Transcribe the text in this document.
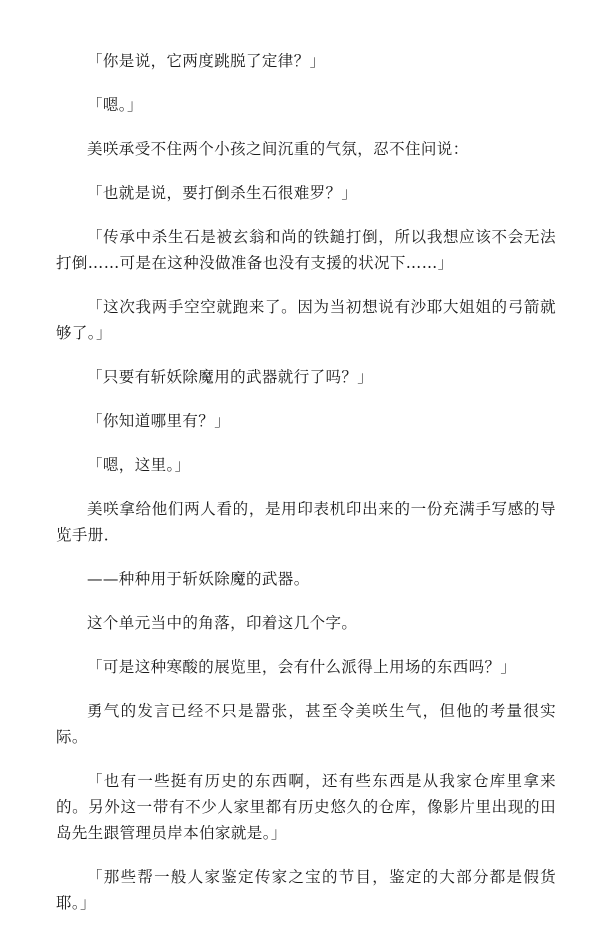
「你是说，它两度跳脱了定律？」

「嗯。」

美咲承受不住两个小孩之间沉重的气氛，忍不住问说：

「也就是说，要打倒杀生石很难罗？」

「传承中杀生石是被玄翁和尚的铁鎚打倒，所以我想应该不会无法打倒……可是在这种没做准备也没有支援的状况下……」

「这次我两手空空就跑来了。因为当初想说有沙耶大姐姐的弓箭就够了。」

「只要有斩妖除魔用的武器就行了吗？」

「你知道哪里有？」

「嗯，这里。」

美咲拿给他们两人看的，是用印表机印出来的一份充满手写感的导览手册．

——种种用于斩妖除魔的武器。

这个单元当中的角落，印着这几个字。

「可是这种寒酸的展览里，会有什么派得上用场的东西吗？」

勇气的发言已经不只是嚣张，甚至令美咲生气，但他的考量很实际。

「也有一些挺有历史的东西啊，还有些东西是从我家仓库里拿来的。另外这一带有不少人家里都有历史悠久的仓库，像影片里出现的田岛先生跟管理员岸本伯家就是。」

「那些帮一般人家鉴定传家之宝的节目，鉴定的大部分都是假货耶。」
